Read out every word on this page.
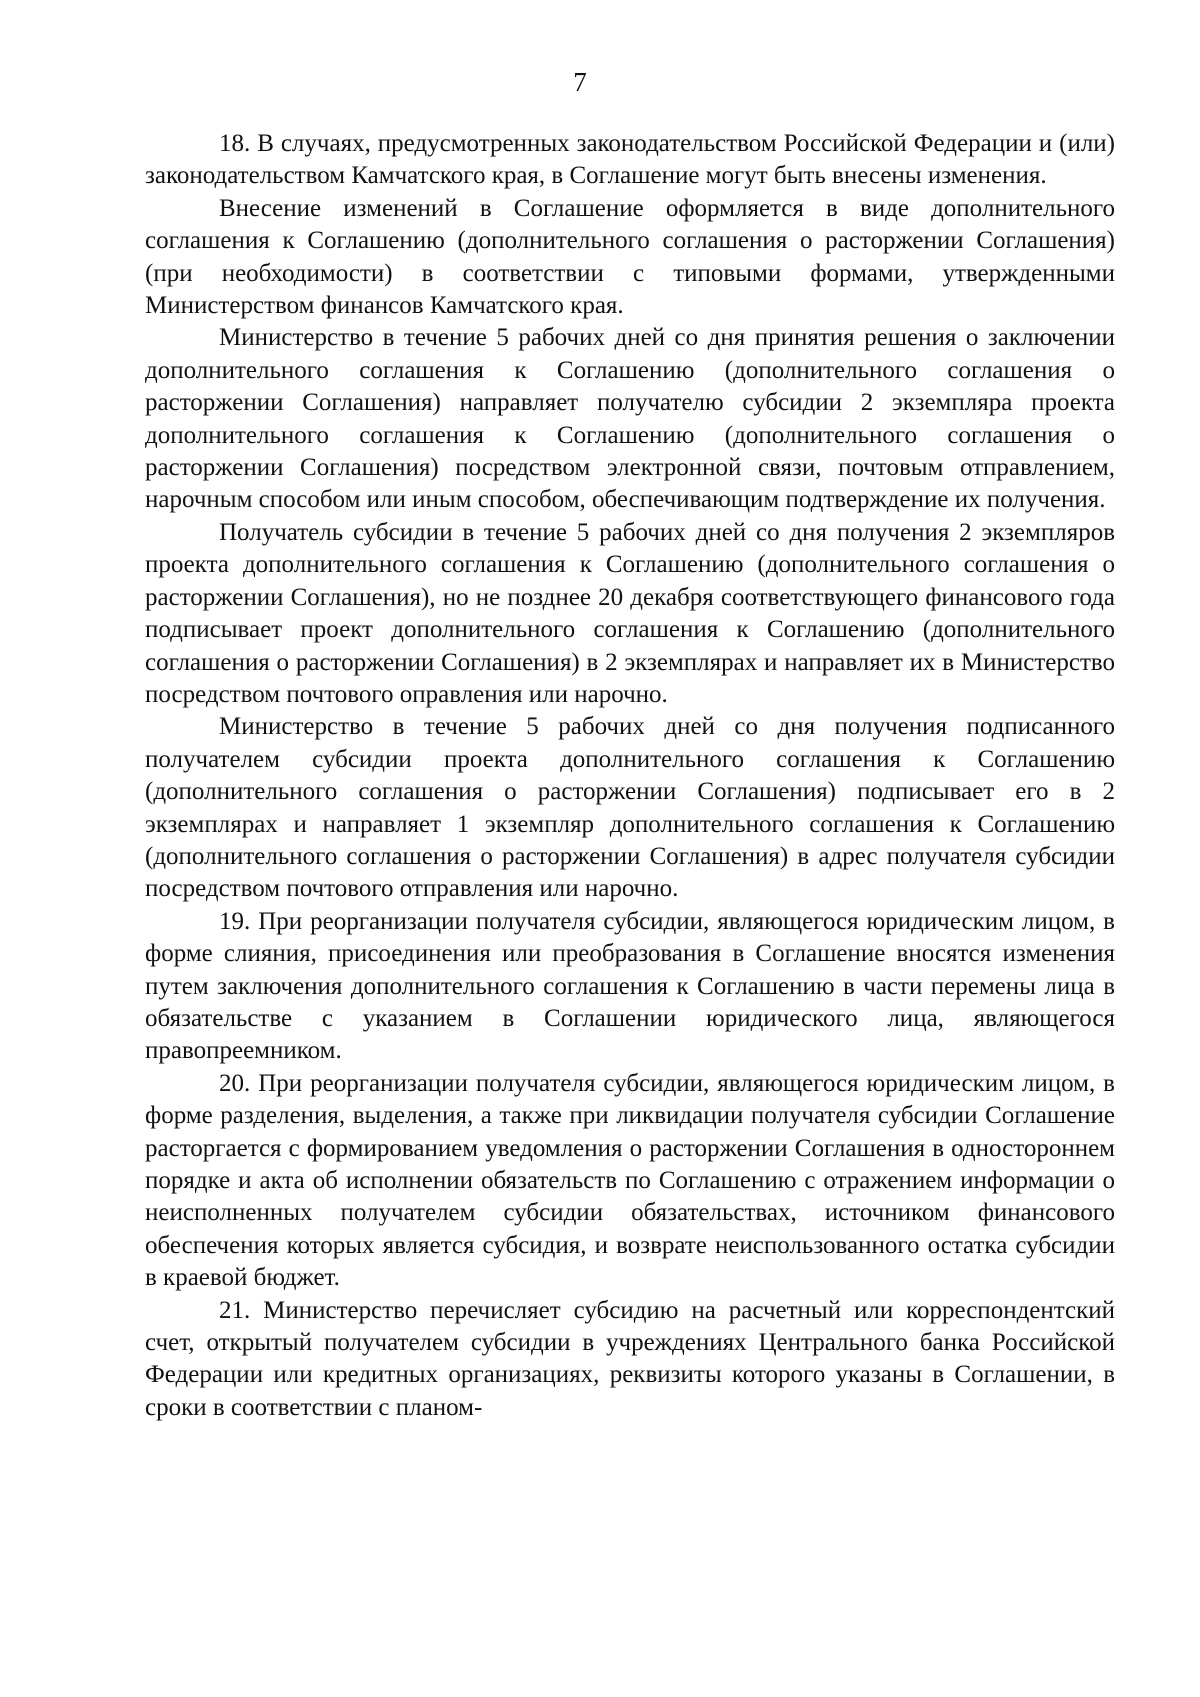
7

18. В случаях, предусмотренных законодательством Российской Федерации и (или) законодательством Камчатского края, в Соглашение могут быть внесены изменения.

Внесение изменений в Соглашение оформляется в виде дополнительного соглашения к Соглашению (дополнительного соглашения о расторжении Соглашения) (при необходимости) в соответствии с типовыми формами, утвержденными Министерством финансов Камчатского края.

Министерство в течение 5 рабочих дней со дня принятия решения о заключении дополнительного соглашения к Соглашению (дополнительного соглашения о расторжении Соглашения) направляет получателю субсидии 2 экземпляра проекта дополнительного соглашения к Соглашению (дополнительного соглашения о расторжении Соглашения) посредством электронной связи, почтовым отправлением, нарочным способом или иным способом, обеспечивающим подтверждение их получения.

Получатель субсидии в течение 5 рабочих дней со дня получения 2 экземпляров проекта дополнительного соглашения к Соглашению (дополнительного соглашения о расторжении Соглашения), но не позднее 20 декабря соответствующего финансового года подписывает проект дополнительного соглашения к Соглашению (дополнительного соглашения о расторжении Соглашения) в 2 экземплярах и направляет их в Министерство посредством почтового оправления или нарочно.

Министерство в течение 5 рабочих дней со дня получения подписанного получателем субсидии проекта дополнительного соглашения к Соглашению (дополнительного соглашения о расторжении Соглашения) подписывает его в 2 экземплярах и направляет 1 экземпляр дополнительного соглашения к Соглашению (дополнительного соглашения о расторжении Соглашения) в адрес получателя субсидии посредством почтового отправления или нарочно.

19. При реорганизации получателя субсидии, являющегося юридическим лицом, в форме слияния, присоединения или преобразования в Соглашение вносятся изменения путем заключения дополнительного соглашения к Соглашению в части перемены лица в обязательстве с указанием в Соглашении юридического лица, являющегося правопреемником.

20. При реорганизации получателя субсидии, являющегося юридическим лицом, в форме разделения, выделения, а также при ликвидации получателя субсидии Соглашение расторгается с формированием уведомления о расторжении Соглашения в одностороннем порядке и акта об исполнении обязательств по Соглашению с отражением информации о неисполненных получателем субсидии обязательствах, источником финансового обеспечения которых является субсидия, и возврате неиспользованного остатка субсидии в краевой бюджет.

21. Министерство перечисляет субсидию на расчетный или корреспондентский счет, открытый получателем субсидии в учреждениях Центрального банка Российской Федерации или кредитных организациях, реквизиты которого указаны в Соглашении, в сроки в соответствии с планом-
